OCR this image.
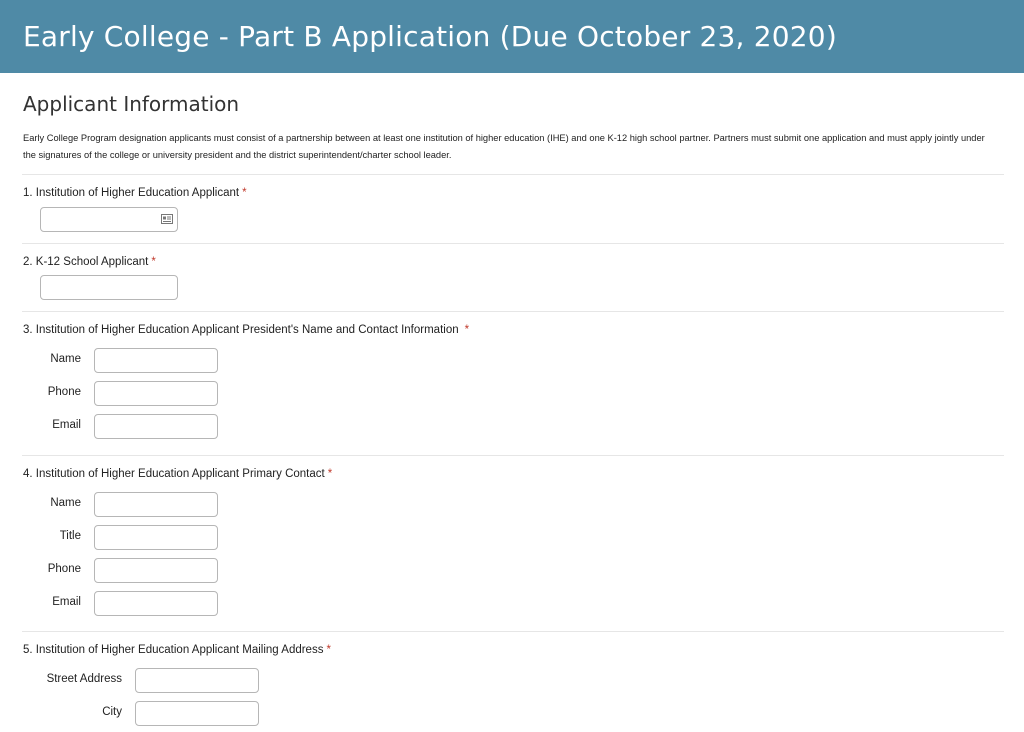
Early College - Part B Application (Due October 23, 2020)
Applicant Information
Early College Program designation applicants must consist of a partnership between at least one institution of higher education (IHE) and one K-12 high school partner. Partners must submit one application and must apply jointly under the signatures of the college or university president and the district superintendent/charter school leader.
1. Institution of Higher Education Applicant *
2. K-12 School Applicant *
3. Institution of Higher Education Applicant President's Name and Contact Information *
Name
Phone
Email
4. Institution of Higher Education Applicant Primary Contact *
Name
Title
Phone
Email
5. Institution of Higher Education Applicant Mailing Address *
Street Address
City
